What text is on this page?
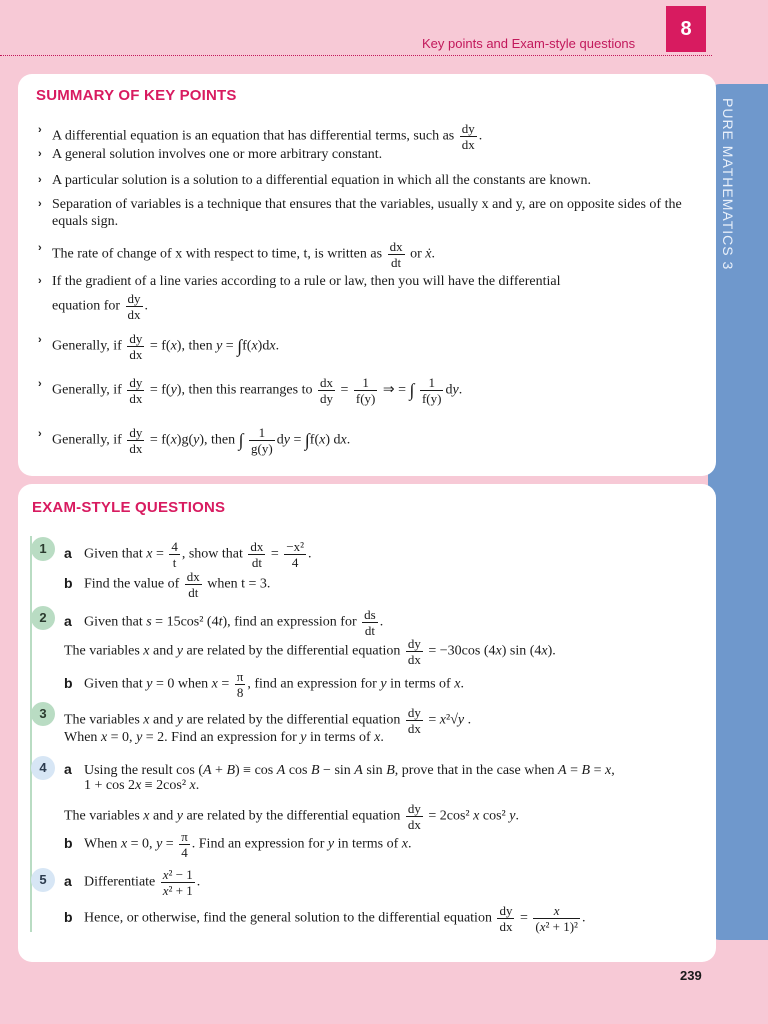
Key points and Exam-style questions
8
PURE MATHEMATICS 3
SUMMARY OF KEY POINTS
› A differential equation is an equation that has differential terms, such as $\frac{dy}{dx}$ .
› A general solution involves one or more arbitrary constant.
› A particular solution is a solution to a differential equation in which all the constants are known.
› Separation of variables is a technique that ensures that the variables, usually x and y, are on opposite sides of the equals sign.
› The rate of change of x with respect to time, t, is written as $\frac{dx}{dt}$ or ẋ.
› If the gradient of a line varies according to a rule or law, then you will have the differential
equation for $\frac{dy}{dx}$ .
› Generally, if $\frac{dy}{dx} = f(x)$, then y = ∫f(x)dx.
› Generally, if $\frac{dy}{dx} = f(y)$, then this rearranges to $\frac{dx}{dy} = \frac{1}{f(y)}$ ⇒ = ∫ $\frac{1}{f(y)}$ dy.
› Generally, if $\frac{dy}{dx} = f(x)g(y)$, then ∫ $\frac{1}{g(y)}$ dy = ∫f(x) dx.
EXAM-STYLE QUESTIONS
1
2
3
4
5
a Given that $x = \frac{4}{t}$ , show that $\frac{dx}{dt} = \frac{\text{−x²}}{4}$ .
b Find the value of $\frac{dx}{dt}$ when t = 3.
a Given that s = 15cos² (4t), find an expression for $\frac{ds}{dt}$ .
The variables x and y are related by the differential equation $\frac{dy}{dx} = -30\cos$ (4x) sin (4x).
b Given that y = 0 when $x = \frac{\pi}{8}$ , find an expression for y in terms of x.
The variables x and y are related by the differential equation $\frac{dy}{dx} = x^2√y$ .
When x = 0, y = 2. Find an expression for y in terms of x.
a Using the result cos (A + B) ≡ cos A cos B − sin A sin B, prove that in the case when A = B = x,
1 + cos 2x ≡ 2cos² x.
The variables x and y are related by the differential equation $\frac{dy}{dx} = 2\cos^2$ x cos² y.
b When x = 0, $y = \frac{\pi}{4}$ . Find an expression for y in terms of x.
a Differentiate $\frac{\text{x² − 1}}{\text{x² + 1}}$ .
b Hence, or otherwise, find the general solution to the differential equation $\frac{dy}{dx} = \frac{x}{\text{(x² + 1)²}}$ .
239
